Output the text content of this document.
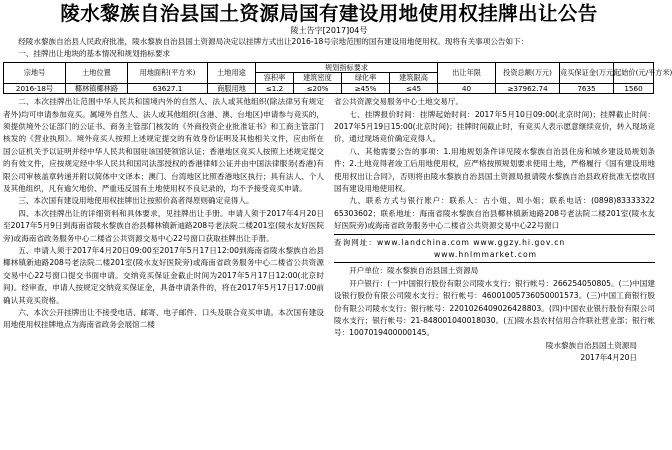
陵水黎族自治县国土资源局国有建设用地使用权挂牌出让公告
陵土告字[2017]04号

经陵水黎族自治县人民政府批准，陵水黎族自治县国土资源局决定以挂牌方式出让2016-18号宗地范围的国有建设用地使用权。现将有关事项公告如下：

一、挂牌出让地块的基本情况和规划指标要求

宗地号	土地位置	用地面积(平方米)	土地用途	规划指标要求				出让年限	投资总额(万元)	竞买保证金(万元)	起始价(元/平方米)
				容积率	建筑密度	绿化率	建筑限高				
2016-18号	椰林镇椰林路	63627.1	商服用地	≤1.2	≤20%	≥45%	≤45	40	≥37962.74	7635	1560

二、本次挂牌出让范围中华人民共和国境内外的自然人、法人或其他组织(除法律另有规定者外)均可申请参加竞买。属境外自然人、法人或其他组织(含港、澳、台地区)申请参与竞买的，须提供境外公证部门的公证书、商务主管部门核发的《外商投资企业批准证书》和工商主管部门核发的《营业执照》。境外竞买人按照上述规定提交的有效身份证明及其他相关文件，应由所在国公证机关予以证明并经中华人民共和国驻该国使领馆认证；香港地区竞买人按照上述规定提交的有效文件，应按规定经中华人民共和国司法部授权的香港律师公证并由中国法律服务(香港)有限公司审核盖章转递并附以简体中文译本；澳门、台湾地区比照香港地区执行；具有法人、个人及其他组织，凡有逾欠地价、严重违反国有土地使用权不良记录的，均不予接受竞买申请。

三、本次国有建设用地使用权挂牌出让按照价高者得原则确定竞得人。

四、本次挂牌出让的详细资料和具体要求，见挂牌出让手册。申请人须于2017年4月20日至2017年5月9日到海南省陵水黎族自治县椰林镇新迪路208号老法院二楼201室(陵水友好医院旁)或海南省政务服务中心二楼省公共资源交易中心22号窗口获取挂牌出让手册。

五、申请人须于2017年4月20日09:00至2017年5月17日12:00到海南省陵水黎族自治县椰林镇新迪路208号老法院二楼201室(陵水友好医院旁)或海南省政务服务中心二楼省公共资源交易中心22号窗口提交书面申请。交纳竞买保证金截止时间为2017年5月17日12:00(北京时间)。经审查，申请人按规定交纳竞买保证金，具备申请条件的，将在2017年5月17日17:00前确认其竞买资格。

六、本次公开挂牌出让不接受电话、邮寄、电子邮件、口头及联合竞买申请。本次国有建设用地使用权挂牌地点为海南省政务会展馆二楼

省公共资源交易服务中心土地交易厅。

七、挂牌报价时间：挂牌起始时间：2017年5月10日09:00(北京时间)；挂牌截止时间：2017年5月19日15:00(北京时间)；挂牌时间截止时，有竞买人表示愿意继续竞价，转入现场竞价，通过现场竞价确定竞得人。

八、其他需要公告的事项：1.用地规划条件详见陵水黎族自治县住房和城乡建设局规划条件；2.土地竞得者竣工后用地使用权，应严格按照规划要求使用土地，严格履行《国有建设用地使用权出让合同》，否则将由陵水黎族自治县国土资源局报请陵水黎族自治县政府批准无偿收回国有建设用地使用权。

九、联系方式与银行账户：联系人：古小姐、周小姐；联系电话：(0898)83333322 65303602；联系地址：海南省陵水黎族自治县椰林镇新迪路208号老法院二楼201室(陵水友好医院旁)或海南省政务服务中心二楼省公共资源交易中心22号窗口

查询网址：www.landchina.com www.ggzy.hi.gov.cn

www.hnlmmarket.com

开户单位：陵水黎族自治县国土资源局

开户银行：(一)中国银行股份有限公司陵水支行；银行帐号：266254050805。(二)中国建设银行股份有限公司陵水支行；银行帐号：46001005736050001573。(三)中国工商银行股份有限公司陵水支行；银行帐号：2201026409026428803。(四)中国农业银行股份有限公司陵水支行；银行帐号：21-848001040018030。(五)陵水县农村信用合作联社营业部；银行帐号：1007019400000145。

陵水黎族自治县国土资源局

2017年4月20日
